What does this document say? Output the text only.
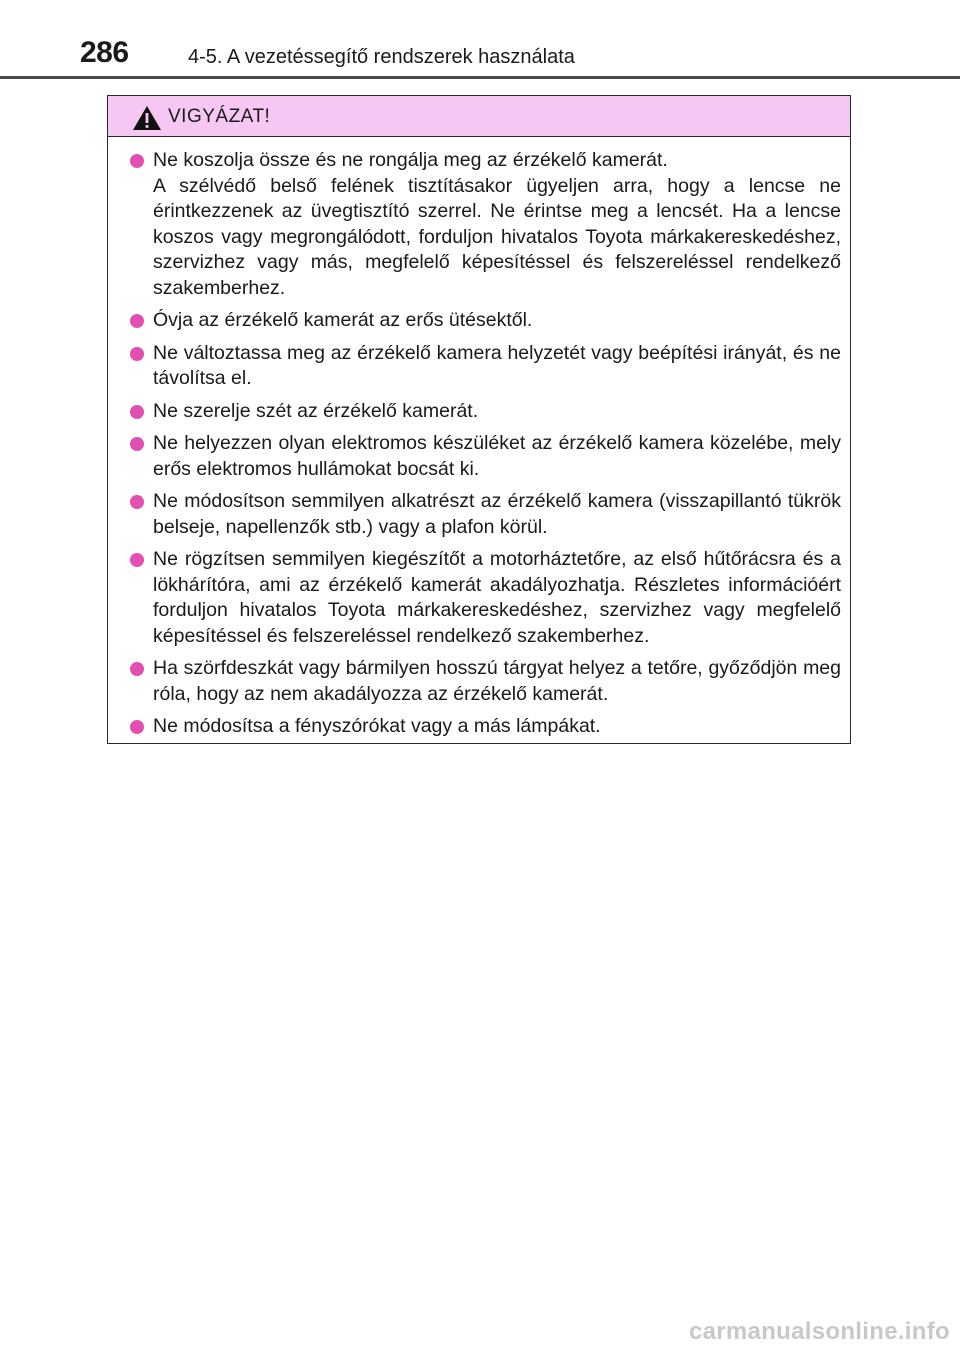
286	4-5. A vezetéssegítő rendszerek használata
VIGYÁZAT!
Ne koszolja össze és ne rongálja meg az érzékelő kamerát.
A szélvédő belső felének tisztításakor ügyeljen arra, hogy a lencse ne érintkezzenek az üvegtisztító szerrel. Ne érintse meg a lencsét. Ha a lencse koszos vagy megrongálódott, forduljon hivatalos Toyota márkakereskedéshez, szervizhez vagy más, megfelelő képesítéssel és felszereléssel rendelkező szakemberhez.
Óvja az érzékelő kamerát az erős ütésektől.
Ne változtassa meg az érzékelő kamera helyzetét vagy beépítési irányát, és ne távolítsa el.
Ne szerelje szét az érzékelő kamerát.
Ne helyezzen olyan elektromos készüléket az érzékelő kamera közelébe, mely erős elektromos hullámokat bocsát ki.
Ne módosítson semmilyen alkatrészt az érzékelő kamera (visszapillantó tükrök belseje, napellenzők stb.) vagy a plafon körül.
Ne rögzítsen semmilyen kiegészítőt a motorháztetőre, az első hűtőrácsra és a lökhárítóra, ami az érzékelő kamerát akadályozhatja. Részletes információért forduljon hivatalos Toyota márkakereskedéshez, szervizhez vagy megfelelő képesítéssel és felszereléssel rendelkező szakemberhez.
Ha szörfdeszkát vagy bármilyen hosszú tárgyat helyez a tetőre, győződjön meg róla, hogy az nem akadályozza az érzékelő kamerát.
Ne módosítsa a fényszórókat vagy a más lámpákat.
carmanualsonline.info
